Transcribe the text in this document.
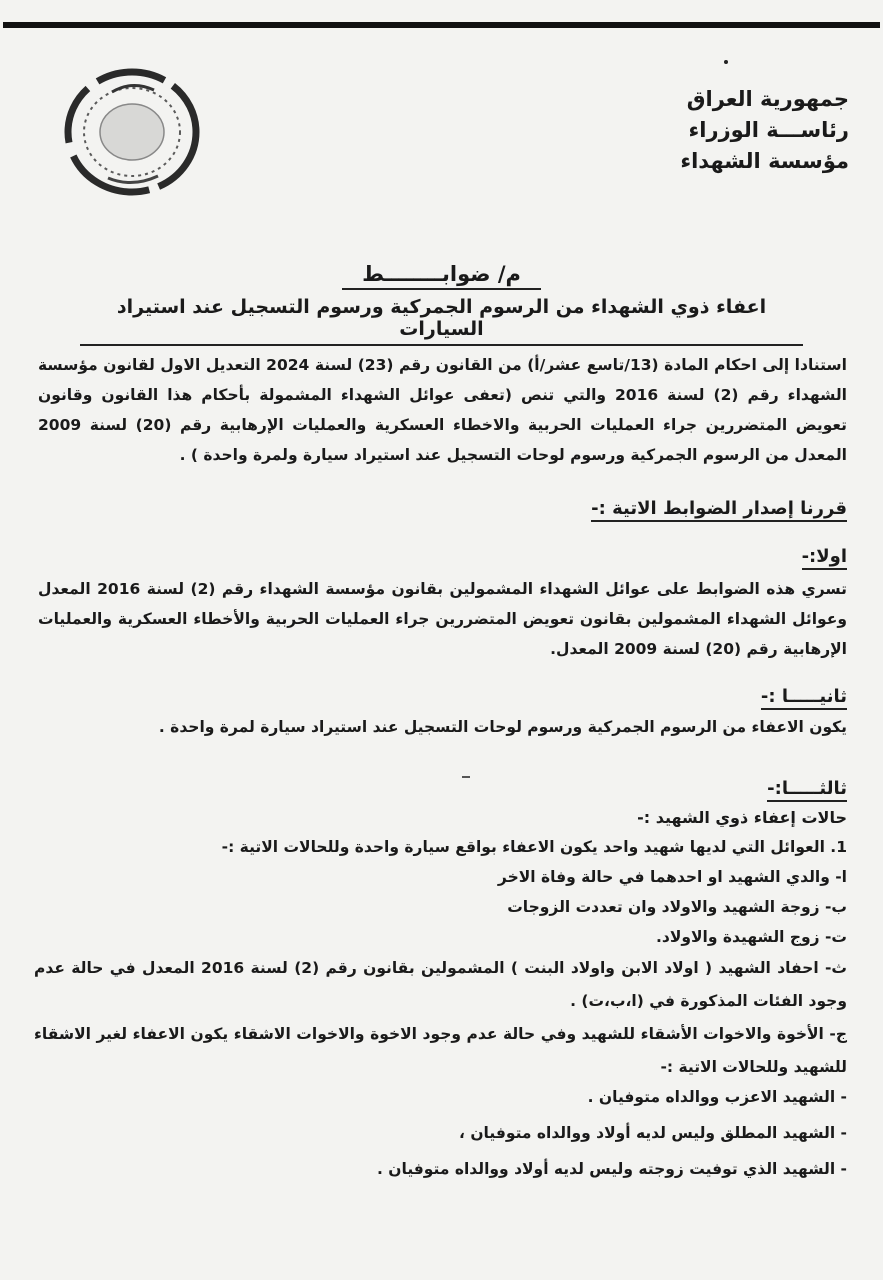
جمهورية العراق
رئاســـة الوزراء
مؤسسة الشهداء
م/ ضوابــــــــط
اعفاء ذوي الشهداء من الرسوم الجمركية ورسوم التسجيل عند استيراد السيارات
استنادا إلى احكام المادة (13/تاسع عشر/أ) من القانون رقم (23) لسنة 2024 التعديل الاول لقانون مؤسسة الشهداء رقم (2) لسنة 2016 والتي تنص (تعفى عوائل الشهداء المشمولة بأحكام هذا القانون وقانون تعويض المتضررين جراء العمليات الحربية والاخطاء العسكرية والعمليات الإرهابية رقم (20) لسنة 2009 المعدل من الرسوم الجمركية ورسوم لوحات التسجيل عند استيراد سيارة ولمرة واحدة ) .
قررنا إصدار الضوابط الاتية :-
اولا:-
تسري هذه الضوابط على عوائل الشهداء المشمولين بقانون مؤسسة الشهداء رقم (2) لسنة 2016 المعدل وعوائل الشهداء المشمولين بقانون تعويض المتضررين جراء العمليات الحربية والأخطاء العسكرية والعمليات الإرهابية رقم (20) لسنة 2009 المعدل.
ثانيـــــا :-
يكون الاعفاء من الرسوم الجمركية ورسوم لوحات التسجيل عند استيراد سيارة لمرة واحدة .
ثالثـــــا:-
حالات إعفاء ذوي الشهيد :-
1. العوائل التي لديها شهيد واحد يكون الاعفاء بواقع سيارة واحدة وللحالات الاتية :-
ا- والدي الشهيد او احدهما في حالة وفاة الاخر
ب- زوجة الشهيد والاولاد وان تعددت الزوجات
ت- زوج الشهيدة والاولاد.
ث- احفاد الشهيد ( اولاد الابن واولاد البنت ) المشمولين بقانون رقم (2) لسنة 2016 المعدل في حالة عدم وجود الفئات المذكورة في (ا،ب،ت) .
ج- الأخوة والاخوات الأشقاء للشهيد وفي حالة عدم وجود الاخوة والاخوات الاشقاء يكون الاعفاء لغير الاشقاء للشهيد وللحالات الاتية :-
- الشهيد الاعزب ووالداه متوفيان .
- الشهيد المطلق وليس لديه أولاد ووالداه متوفيان ،
- الشهيد الذي توفيت زوجته وليس لديه أولاد ووالداه متوفيان .
